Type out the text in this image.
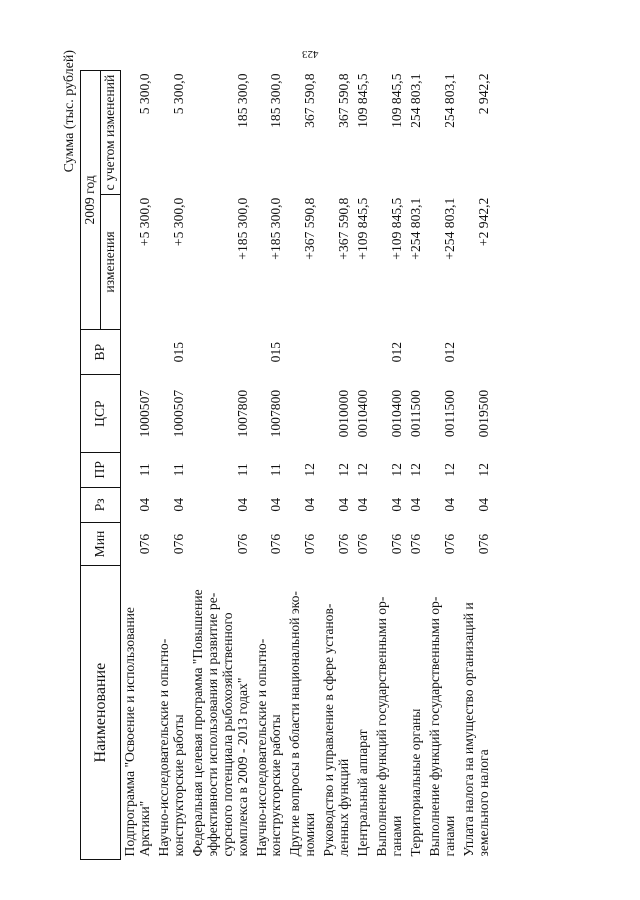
423
Сумма (тыс. рублей)
Наименование	Мин	Рз	ПР	ЦСР	ВР	2009 год	
						изменения	с учетом изменений
Подпрограмма "Освоение и использование Арктики"	076	04	11	1000507		+5 300,0	5 300,0
Научно-исследовательские и опытно-конструкторские работы	076	04	11	1000507	015	+5 300,0	5 300,0
Федеральная целевая программа "Повышение эффективности использования и развитие ре-сурсного потенциала рыбохозяйственного комплекса в 2009 - 2013 годах"	076	04	11	1007800		+185 300,0	185 300,0
Научно-исследовательские и опытно-конструкторские работы	076	04	11	1007800	015	+185 300,0	185 300,0
Другие вопросы в области национальной эко-номики	076	04	12			+367 590,8	367 590,8
Руководство и управление в сфере установ-ленных функций	076	04	12	0010000		+367 590,8	367 590,8
Центральный аппарат	076	04	12	0010400		+109 845,5	109 845,5
Выполнение функций государственными ор-ганами	076	04	12	0010400	012	+109 845,5	109 845,5
Территориальные органы	076	04	12	0011500		+254 803,1	254 803,1
Выполнение функций государственными ор-ганами	076	04	12	0011500	012	+254 803,1	254 803,1
Уплата налога на имущество организаций и земельного налога	076	04	12	0019500		+2 942,2	2 942,2
